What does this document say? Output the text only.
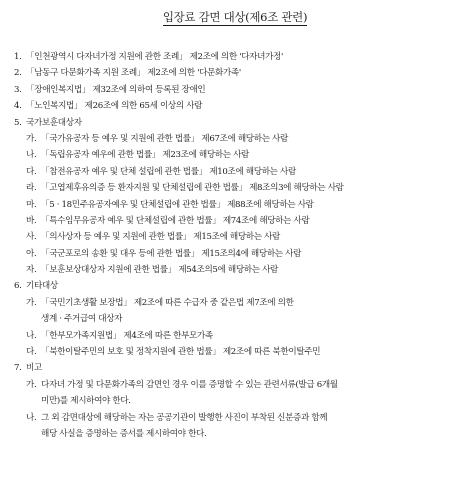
입장료 감면 대상(제6조 관련)
1. 「인천광역시 다자녀가정 지원에 관한 조례」 제2조에 의한 '다자녀가정'
2. 「남동구 다문화가족 지원 조례」 제2조에 의한 '다문화가족'
3. 「장애인복지법」 제32조에 의하여 등록된 장애인
4. 「노인복지법」 제26조에 의한 65세 이상의 사람
5. 국가보훈대상자
가. 「국가유공자 등 예우 및 지원에 관한 법률」 제67조에 해당하는 사람
나. 「독립유공자 예우에 관한 법률」 제23조에 해당하는 사람
다. 「참전유공자 예우 및 단체 설립에 관한 법률」 제10조에 해당하는 사람
라. 「고엽제후유의증 등 환자지원 및 단체설립에 관한 법률」 제8조의3에 해당하는 사람
마. 「5 · 18민주유공자예우 및 단체설립에 관한 법률」 제88조에 해당하는 사람
바. 「특수임무유공자 예우 및 단체설립에 관한 법률」 제74조에 해당하는 사람
사. 「의사상자 등 예우 및 지원에 관한 법률」 제15조에 해당하는 사람
아. 「국군포로의 송환 및 대우 등에 관한 법률」 제15조의4에 해당하는 사람
자. 「보훈보상대상자 지원에 관한 법률」 제54조의5에 해당하는 사람
6. 기타대상
가. 「국민기초생활 보장법」 제2조에 따른 수급자 중 같은법 제7조에 의한
생계 · 주거급여 대상자
나. 「한부모가족지원법」 제4조에 따른 한부모가족
다. 「북한이탈주민의 보호 및 정착지원에 관한 법률」 제2조에 따른 북한이탈주민
7. 비고
가. 다자녀 가정 및 다문화가족의 감면인 경우 이를 증명할 수 있는 관련서류(발급 6개월
미만)를 제시하여야 한다.
나. 그 외 감면대상에 해당하는 자는 공공기관이 발행한 사진이 부착된 신분증과 함께
해당 사실을 증명하는 증서를 제시하여야 한다.
